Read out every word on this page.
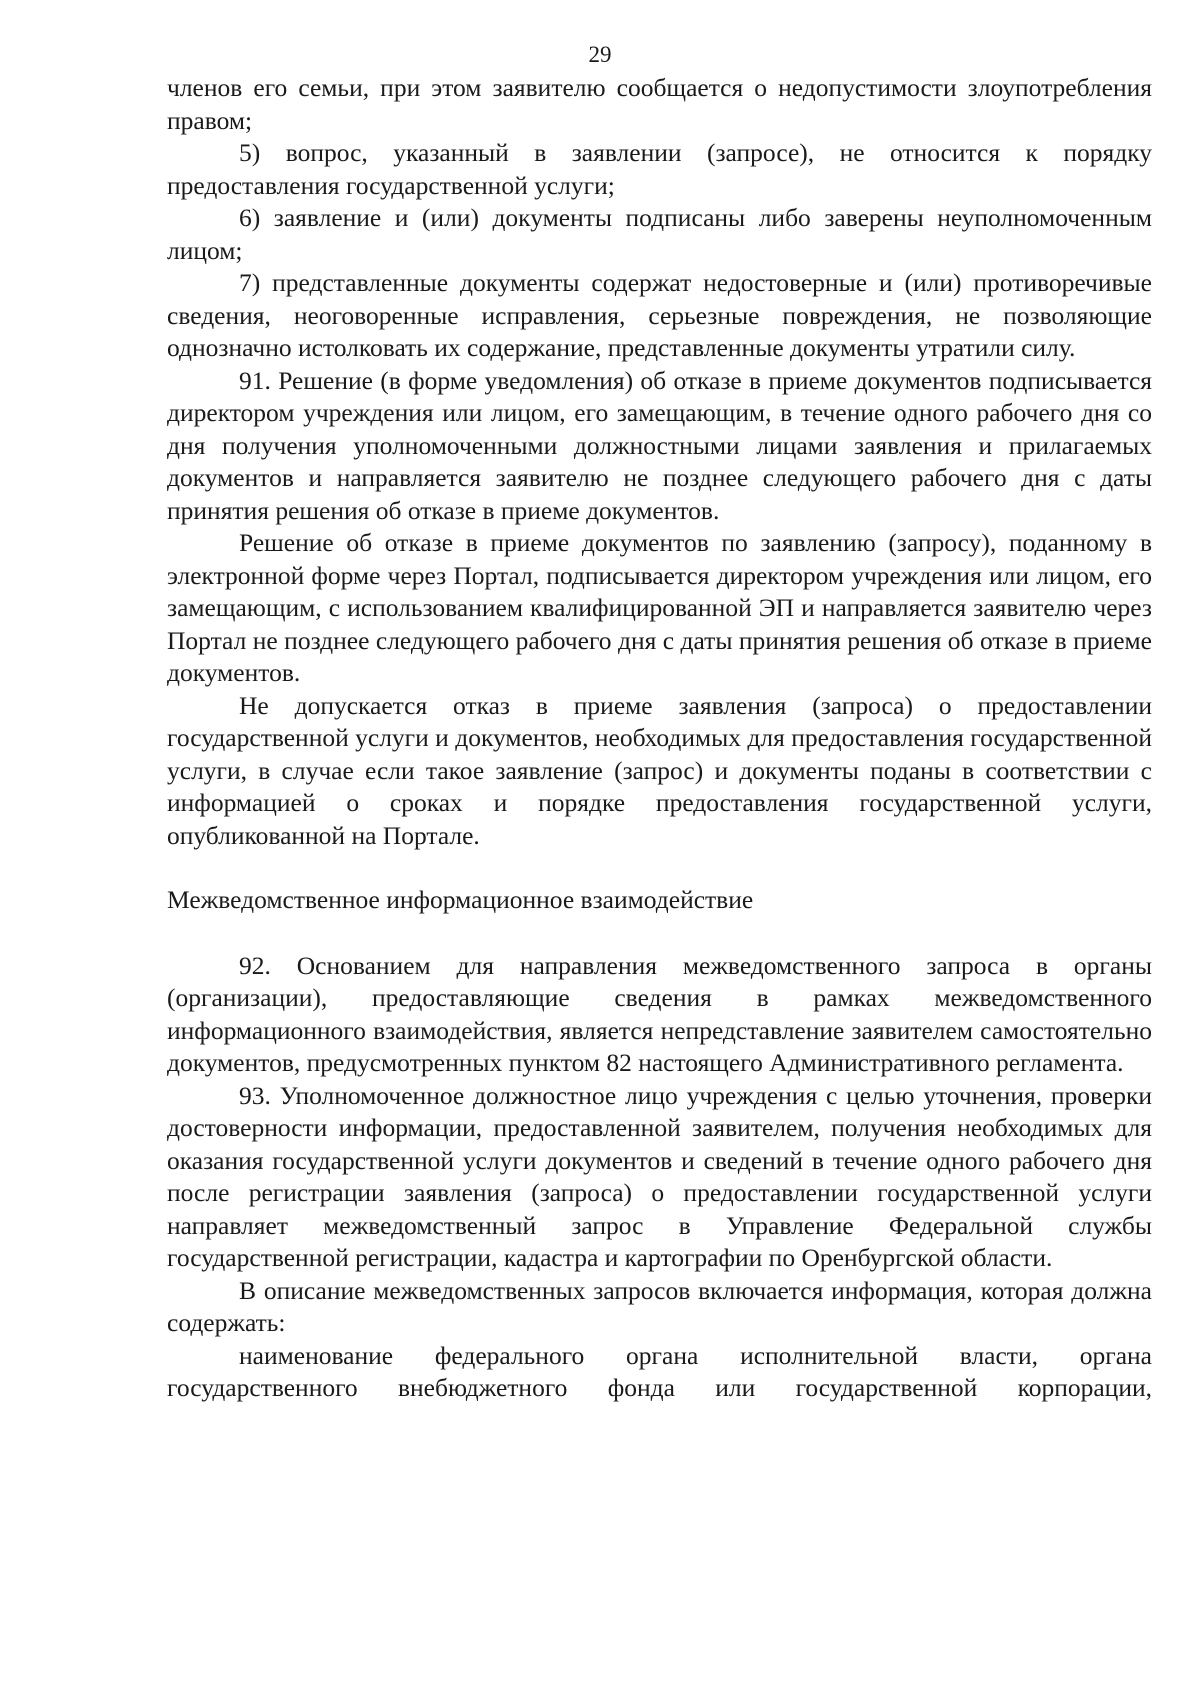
29

членов его семьи, при этом заявителю сообщается о недопустимости злоупотребления правом;

5) вопрос, указанный в заявлении (запросе), не относится к порядку предоставления государственной услуги;

6) заявление и (или) документы подписаны либо заверены неуполномоченным лицом;

7) представленные документы содержат недостоверные и (или) противоречивые сведения, неоговоренные исправления, серьезные повреждения, не позволяющие однозначно истолковать их содержание, представленные документы утратили силу.

91. Решение (в форме уведомления) об отказе в приеме документов подписывается директором учреждения или лицом, его замещающим, в течение одного рабочего дня со дня получения уполномоченными должностными лицами заявления и прилагаемых документов и направляется заявителю не позднее следующего рабочего дня с даты принятия решения об отказе в приеме документов.

Решение об отказе в приеме документов по заявлению (запросу), поданному в электронной форме через Портал, подписывается директором учреждения или лицом, его замещающим, с использованием квалифицированной ЭП и направляется заявителю через Портал не позднее следующего рабочего дня с даты принятия решения об отказе в приеме документов.

Не допускается отказ в приеме заявления (запроса) о предоставлении государственной услуги и документов, необходимых для предоставления государственной услуги, в случае если такое заявление (запрос) и документы поданы в соответствии с информацией о сроках и порядке предоставления государственной услуги, опубликованной на Портале.

Межведомственное информационное взаимодействие

92. Основанием для направления межведомственного запроса в органы (организации), предоставляющие сведения в рамках межведомственного информационного взаимодействия, является непредставление заявителем самостоятельно документов, предусмотренных пунктом 82 настоящего Административного регламента.

93. Уполномоченное должностное лицо учреждения с целью уточнения, проверки достоверности информации, предоставленной заявителем, получения необходимых для оказания государственной услуги документов и сведений в течение одного рабочего дня после регистрации заявления (запроса) о предоставлении государственной услуги направляет межведомственный запрос в Управление Федеральной службы государственной регистрации, кадастра и картографии по Оренбургской области.

В описание межведомственных запросов включается информация, которая должна содержать:

наименование федерального органа исполнительной власти, органа государственного внебюджетного фонда или государственной корпорации,
